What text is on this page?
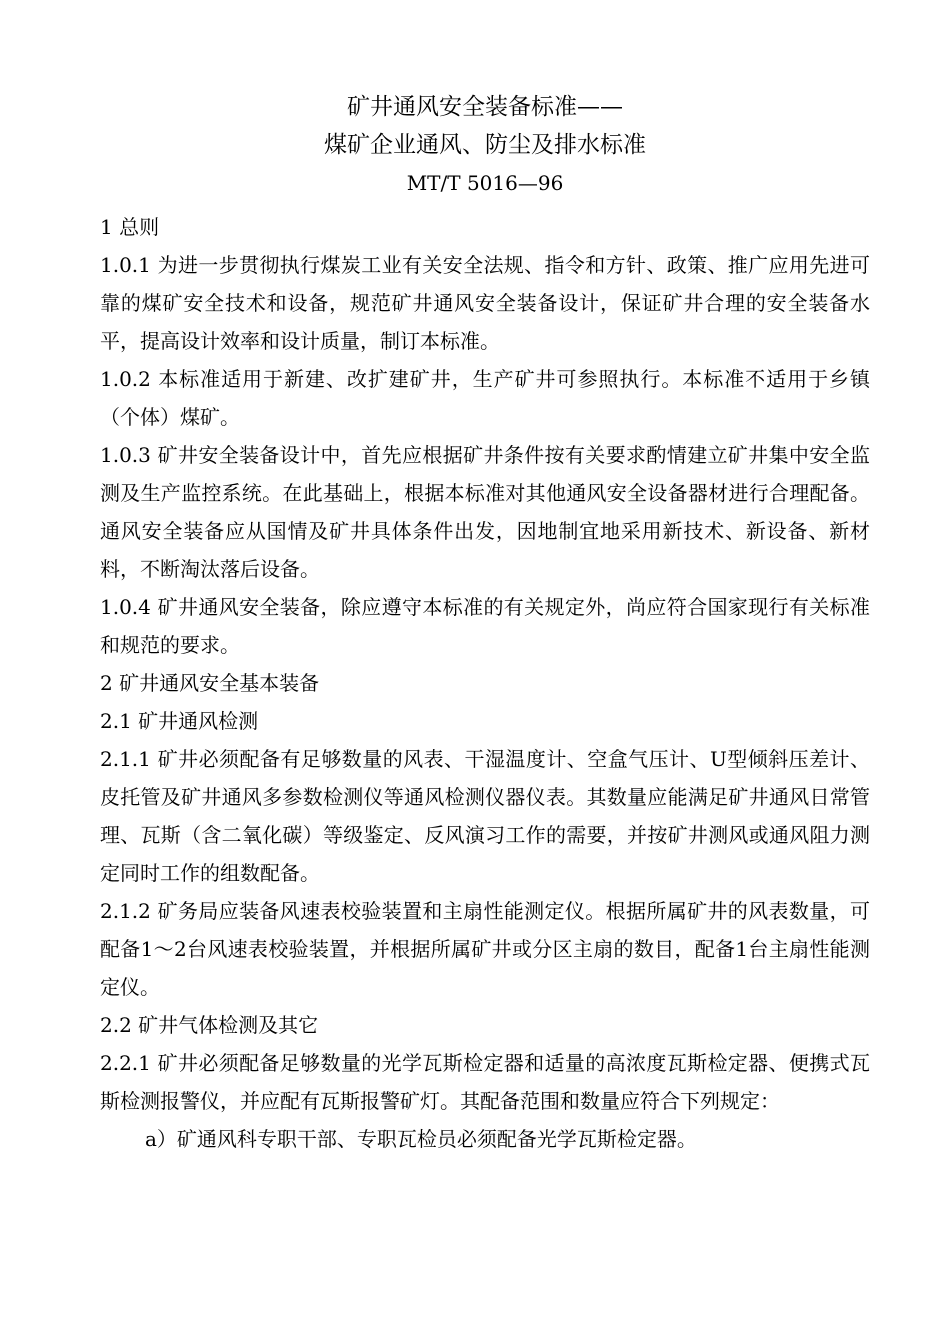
矿井通风安全装备标准——
煤矿企业通风、防尘及排水标准
MT/T 5016—96

1 总则

1.0.1 为进一步贯彻执行煤炭工业有关安全法规、指令和方针、政策、推广应用先进可靠的煤矿安全技术和设备，规范矿井通风安全装备设计，保证矿井合理的安全装备水平，提高设计效率和设计质量，制订本标准。

1.0.2 本标准适用于新建、改扩建矿井，生产矿井可参照执行。本标准不适用于乡镇（个体）煤矿。

1.0.3 矿井安全装备设计中，首先应根据矿井条件按有关要求酌情建立矿井集中安全监测及生产监控系统。在此基础上，根据本标准对其他通风安全设备器材进行合理配备。通风安全装备应从国情及矿井具体条件出发，因地制宜地采用新技术、新设备、新材料，不断淘汰落后设备。

1.0.4 矿井通风安全装备，除应遵守本标准的有关规定外，尚应符合国家现行有关标准和规范的要求。

2 矿井通风安全基本装备

2.1 矿井通风检测

2.1.1 矿井必须配备有足够数量的风表、干湿温度计、空盒气压计、U型倾斜压差计、皮托管及矿井通风多参数检测仪等通风检测仪器仪表。其数量应能满足矿井通风日常管理、瓦斯（含二氧化碳）等级鉴定、反风演习工作的需要，并按矿井测风或通风阻力测定同时工作的组数配备。

2.1.2 矿务局应装备风速表校验装置和主扇性能测定仪。根据所属矿井的风表数量，可配备1～2台风速表校验装置，并根据所属矿井或分区主扇的数目，配备1台主扇性能测定仪。

2.2 矿井气体检测及其它

2.2.1 矿井必须配备足够数量的光学瓦斯检定器和适量的高浓度瓦斯检定器、便携式瓦斯检测报警仪，并应配有瓦斯报警矿灯。其配备范围和数量应符合下列规定：

a）矿通风科专职干部、专职瓦检员必须配备光学瓦斯检定器。
